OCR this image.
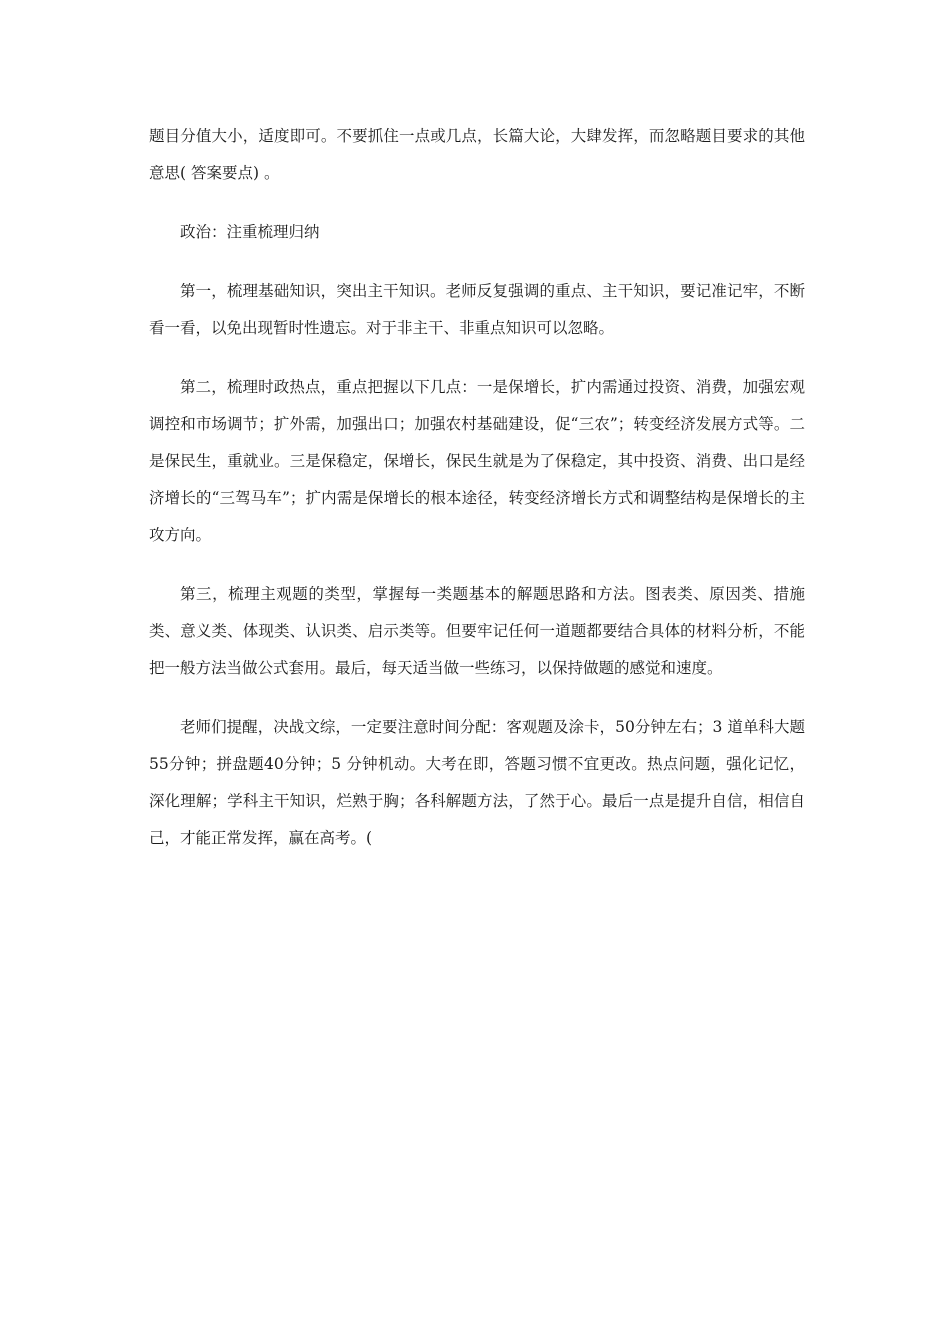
题目分值大小，适度即可。不要抓住一点或几点，长篇大论，大肆发挥，而忽略题目要求的其他意思( 答案要点) 。

政治：注重梳理归纳

第一，梳理基础知识，突出主干知识。老师反复强调的重点、主干知识，要记准记牢，不断看一看，以免出现暂时性遗忘。对于非主干、非重点知识可以忽略。

第二，梳理时政热点，重点把握以下几点：一是保增长，扩内需通过投资、消费，加强宏观调控和市场调节；扩外需，加强出口；加强农村基础建设，促“三农”；转变经济发展方式等。二是保民生，重就业。三是保稳定，保增长，保民生就是为了保稳定，其中投资、消费、出口是经济增长的“三驾马车”；扩内需是保增长的根本途径，转变经济增长方式和调整结构是保增长的主攻方向。

第三，梳理主观题的类型，掌握每一类题基本的解题思路和方法。图表类、原因类、措施类、意义类、体现类、认识类、启示类等。但要牢记任何一道题都要结合具体的材料分析，不能把一般方法当做公式套用。最后，每天适当做一些练习，以保持做题的感觉和速度。

老师们提醒，决战文综，一定要注意时间分配：客观题及涂卡，50分钟左右；3 道单科大题55分钟；拼盘题40分钟；5 分钟机动。大考在即，答题习惯不宜更改。热点问题，强化记忆，深化理解；学科主干知识，烂熟于胸；各科解题方法，了然于心。最后一点是提升自信，相信自己，才能正常发挥，赢在高考。(
